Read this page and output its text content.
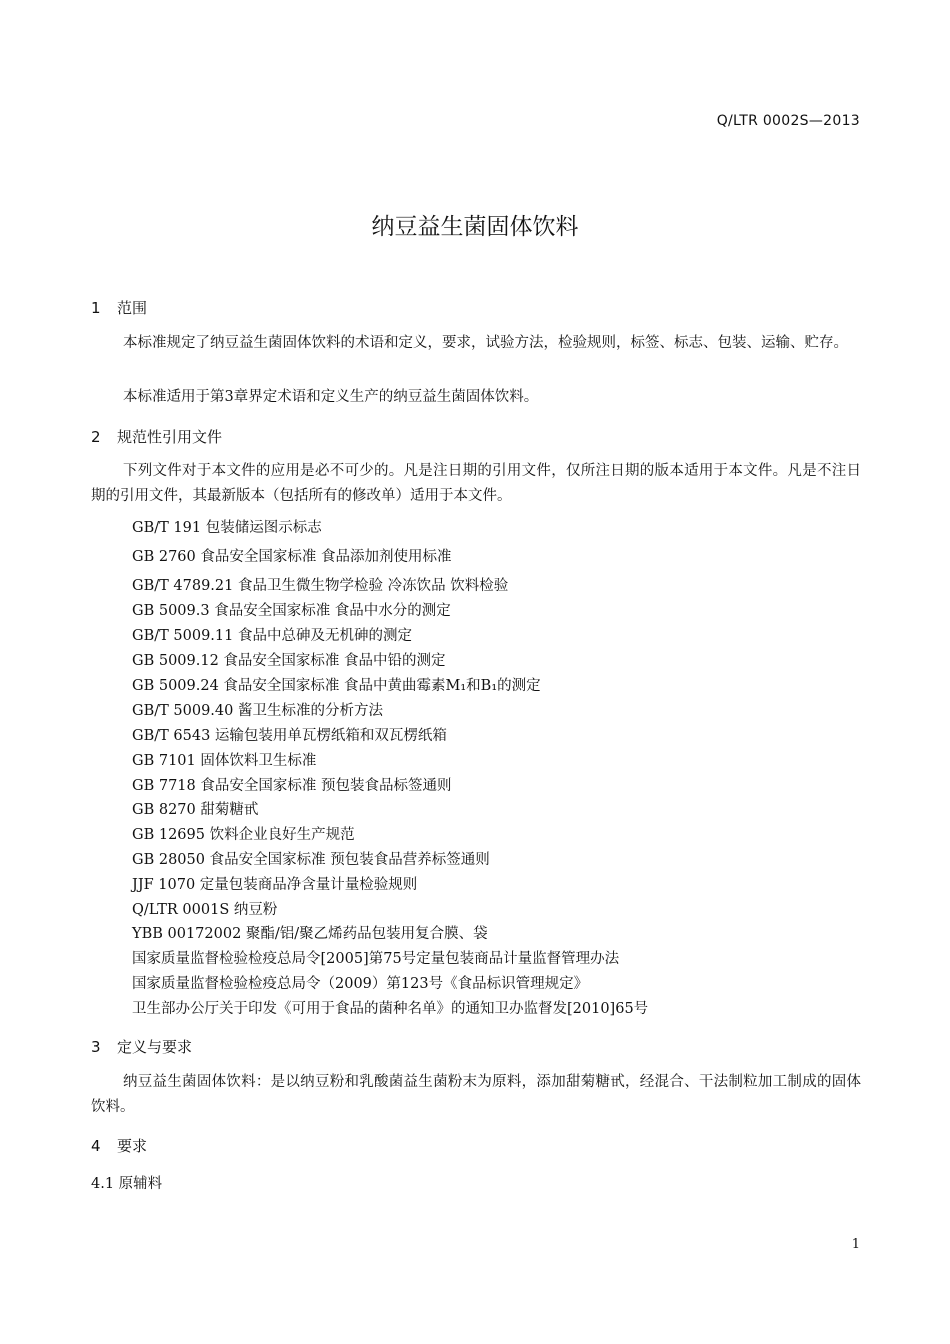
Q/LTR 0002S—2013
纳豆益生菌固体饮料
1 范围
本标准规定了纳豆益生菌固体饮料的术语和定义，要求，试验方法，检验规则，标签、标志、包装、运输、贮存。
本标准适用于第3章界定术语和定义生产的纳豆益生菌固体饮料。
2 规范性引用文件
下列文件对于本文件的应用是必不可少的。凡是注日期的引用文件，仅所注日期的版本适用于本文件。凡是不注日期的引用文件，其最新版本（包括所有的修改单）适用于本文件。
GB/T 191 包装储运图示标志
GB 2760 食品安全国家标准 食品添加剂使用标准
GB/T 4789.21 食品卫生微生物学检验 冷冻饮品 饮料检验
GB 5009.3 食品安全国家标准 食品中水分的测定
GB/T 5009.11 食品中总砷及无机砷的测定
GB 5009.12 食品安全国家标准 食品中铅的测定
GB 5009.24 食品安全国家标准 食品中黄曲霉素M₁和B₁的测定
GB/T 5009.40 酱卫生标准的分析方法
GB/T 6543 运输包装用单瓦楞纸箱和双瓦楞纸箱
GB 7101 固体饮料卫生标准
GB 7718 食品安全国家标准 预包装食品标签通则
GB 8270 甜菊糖甙
GB 12695 饮料企业良好生产规范
GB 28050 食品安全国家标准 预包装食品营养标签通则
JJF 1070 定量包装商品净含量计量检验规则
Q/LTR 0001S 纳豆粉
YBB 00172002 聚酯/铝/聚乙烯药品包装用复合膜、袋
国家质量监督检验检疫总局令[2005]第75号定量包装商品计量监督管理办法
国家质量监督检验检疫总局令（2009）第123号《食品标识管理规定》
卫生部办公厅关于印发《可用于食品的菌种名单》的通知卫办监督发[2010]65号
3 定义与要求
纳豆益生菌固体饮料：是以纳豆粉和乳酸菌益生菌粉末为原料，添加甜菊糖甙，经混合、干法制粒加工制成的固体饮料。
4 要求
4.1 原辅料
1
